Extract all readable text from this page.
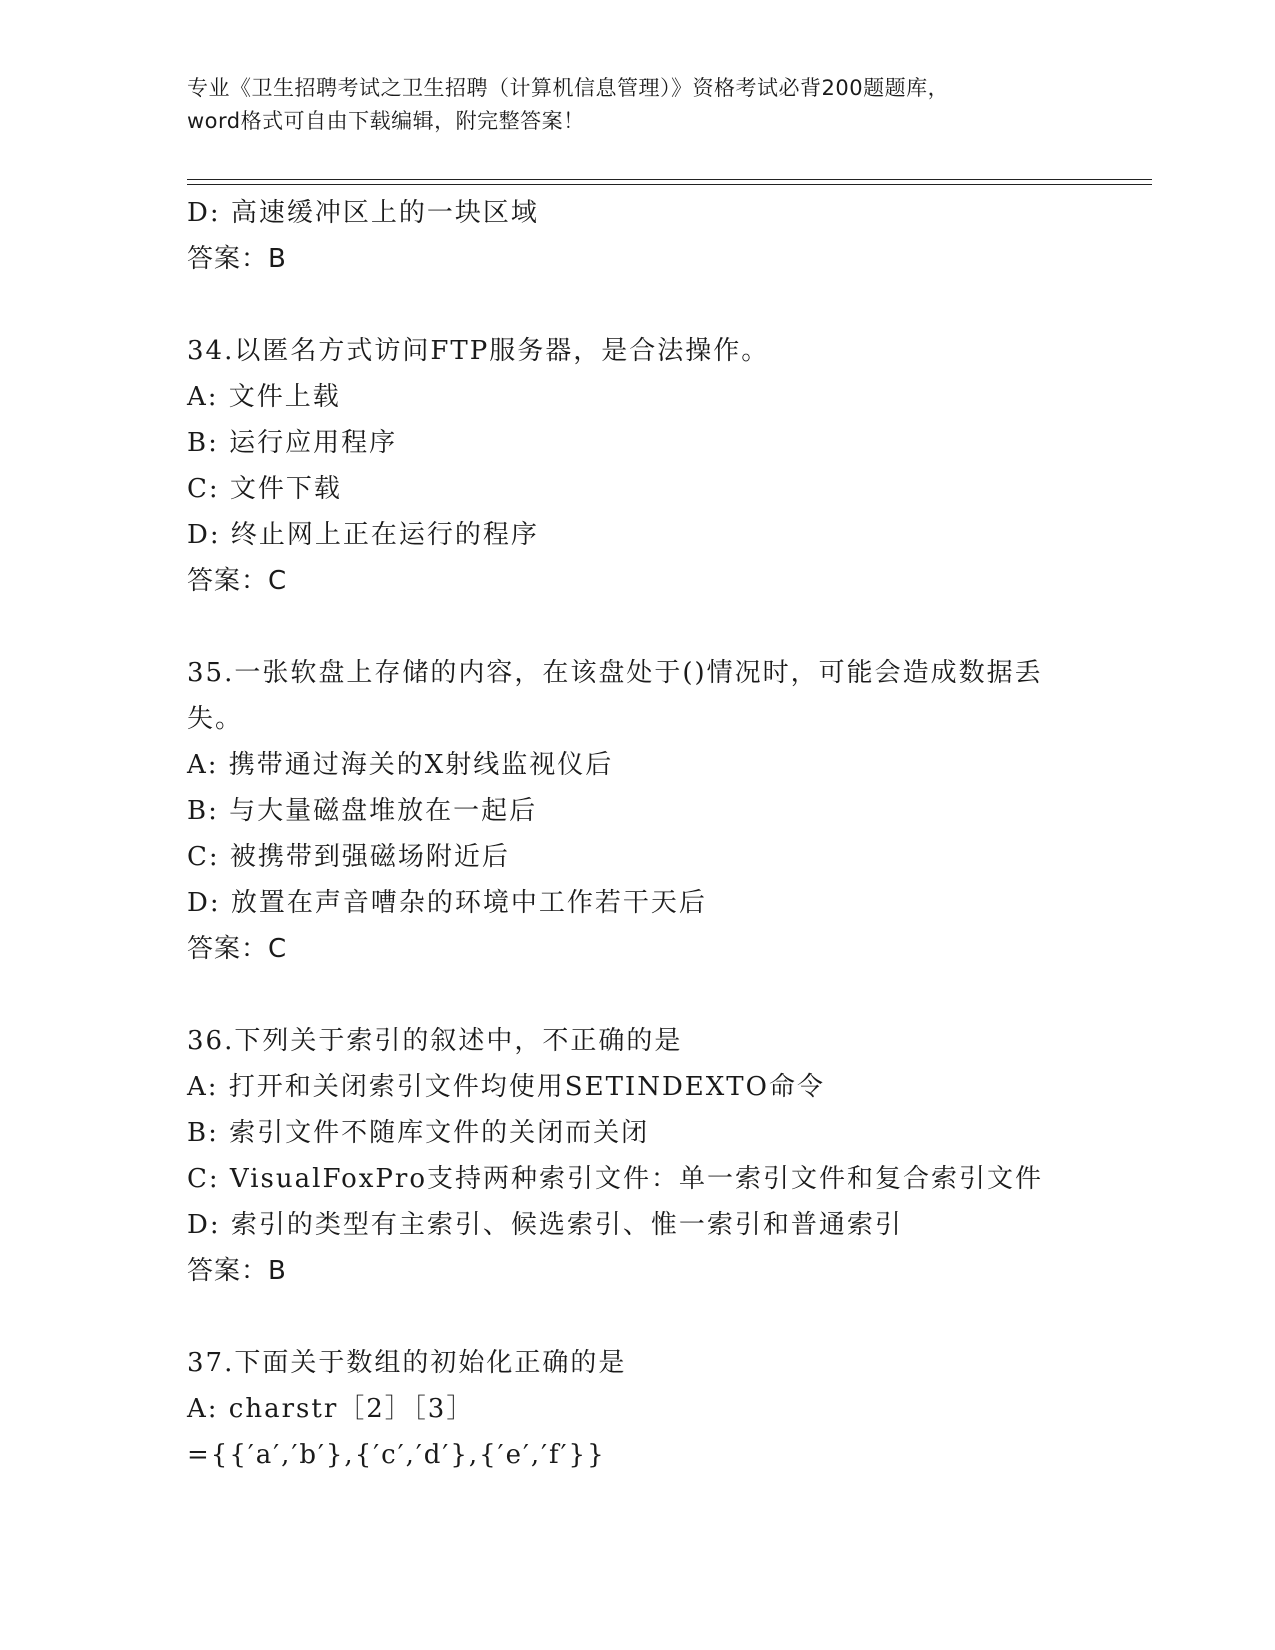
专业《卫生招聘考试之卫生招聘（计算机信息管理）》资格考试必背200题题库，
word格式可自由下载编辑，附完整答案！
D: 高速缓冲区上的一块区域
答案：B
34.以匿名方式访问FTP服务器，是合法操作。
A: 文件上载
B: 运行应用程序
C: 文件下载
D: 终止网上正在运行的程序
答案：C
35.一张软盘上存储的内容，在该盘处于()情况时，可能会造成数据丢
失。
A: 携带通过海关的X射线监视仪后
B: 与大量磁盘堆放在一起后
C: 被携带到强磁场附近后
D: 放置在声音嘈杂的环境中工作若干天后
答案：C
36.下列关于索引的叙述中，不正确的是
A: 打开和关闭索引文件均使用SETINDEXTO命令
B: 索引文件不随库文件的关闭而关闭
C: VisualFoxPro支持两种索引文件：单一索引文件和复合索引文件
D: 索引的类型有主索引、候选索引、惟一索引和普通索引
答案：B
37.下面关于数组的初始化正确的是
A: charstr［2］［3］
={{′a′,′b′},{′c′,′d′},{′e′,′f′}}
